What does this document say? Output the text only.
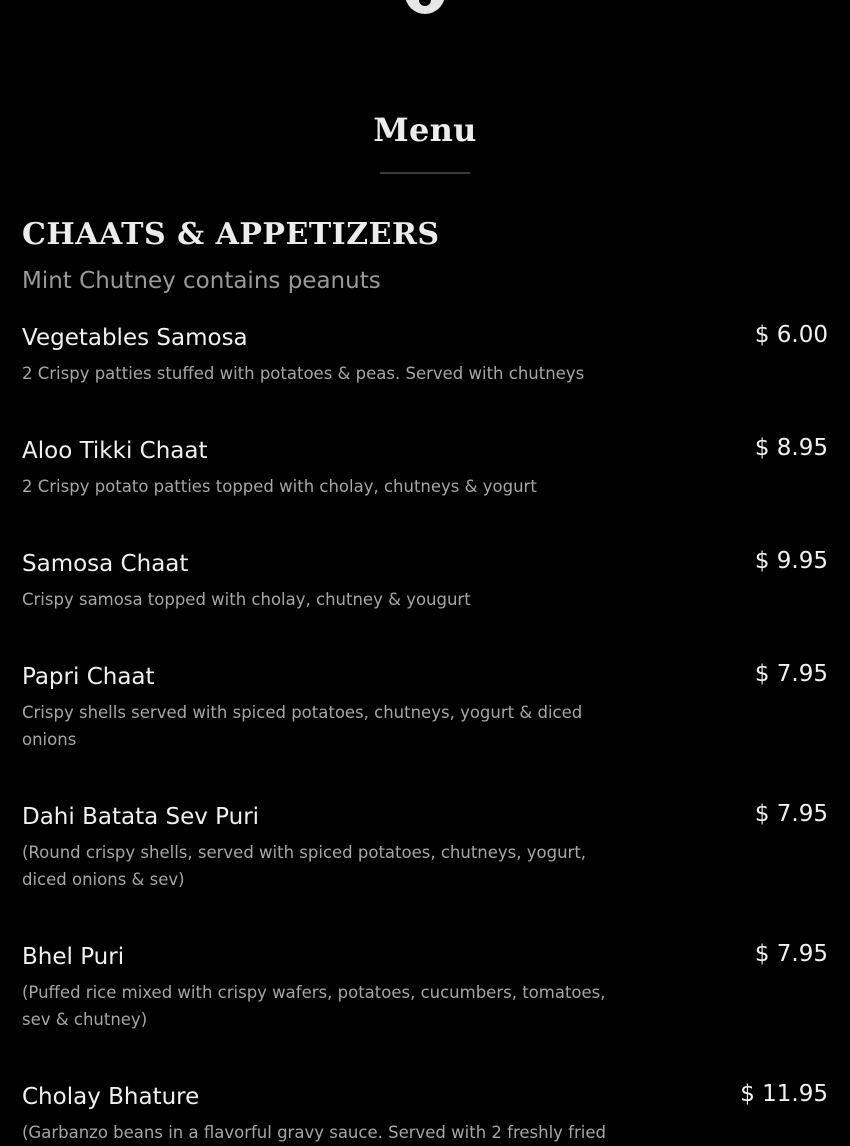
Menu
CHAATS & APPETIZERS
Mint Chutney contains peanuts
Vegetables Samosa
2 Crispy patties stuffed with potatoes & peas. Served with chutneys
$ 6.00
Aloo Tikki Chaat
2 Crispy potato patties topped with cholay, chutneys & yogurt
$ 8.95
Samosa Chaat
Crispy samosa topped with cholay, chutney & yougurt
$ 9.95
Papri Chaat
Crispy shells served with spiced potatoes, chutneys, yogurt & diced onions
$ 7.95
Dahi Batata Sev Puri
(Round crispy shells, served with spiced potatoes, chutneys, yogurt, diced onions & sev)
$ 7.95
Bhel Puri
(Puffed rice mixed with crispy wafers, potatoes, cucumbers, tomatoes, sev & chutney)
$ 7.95
Cholay Bhature
(Garbanzo beans in a flavorful gravy sauce. Served with 2 freshly fried
$ 11.95
